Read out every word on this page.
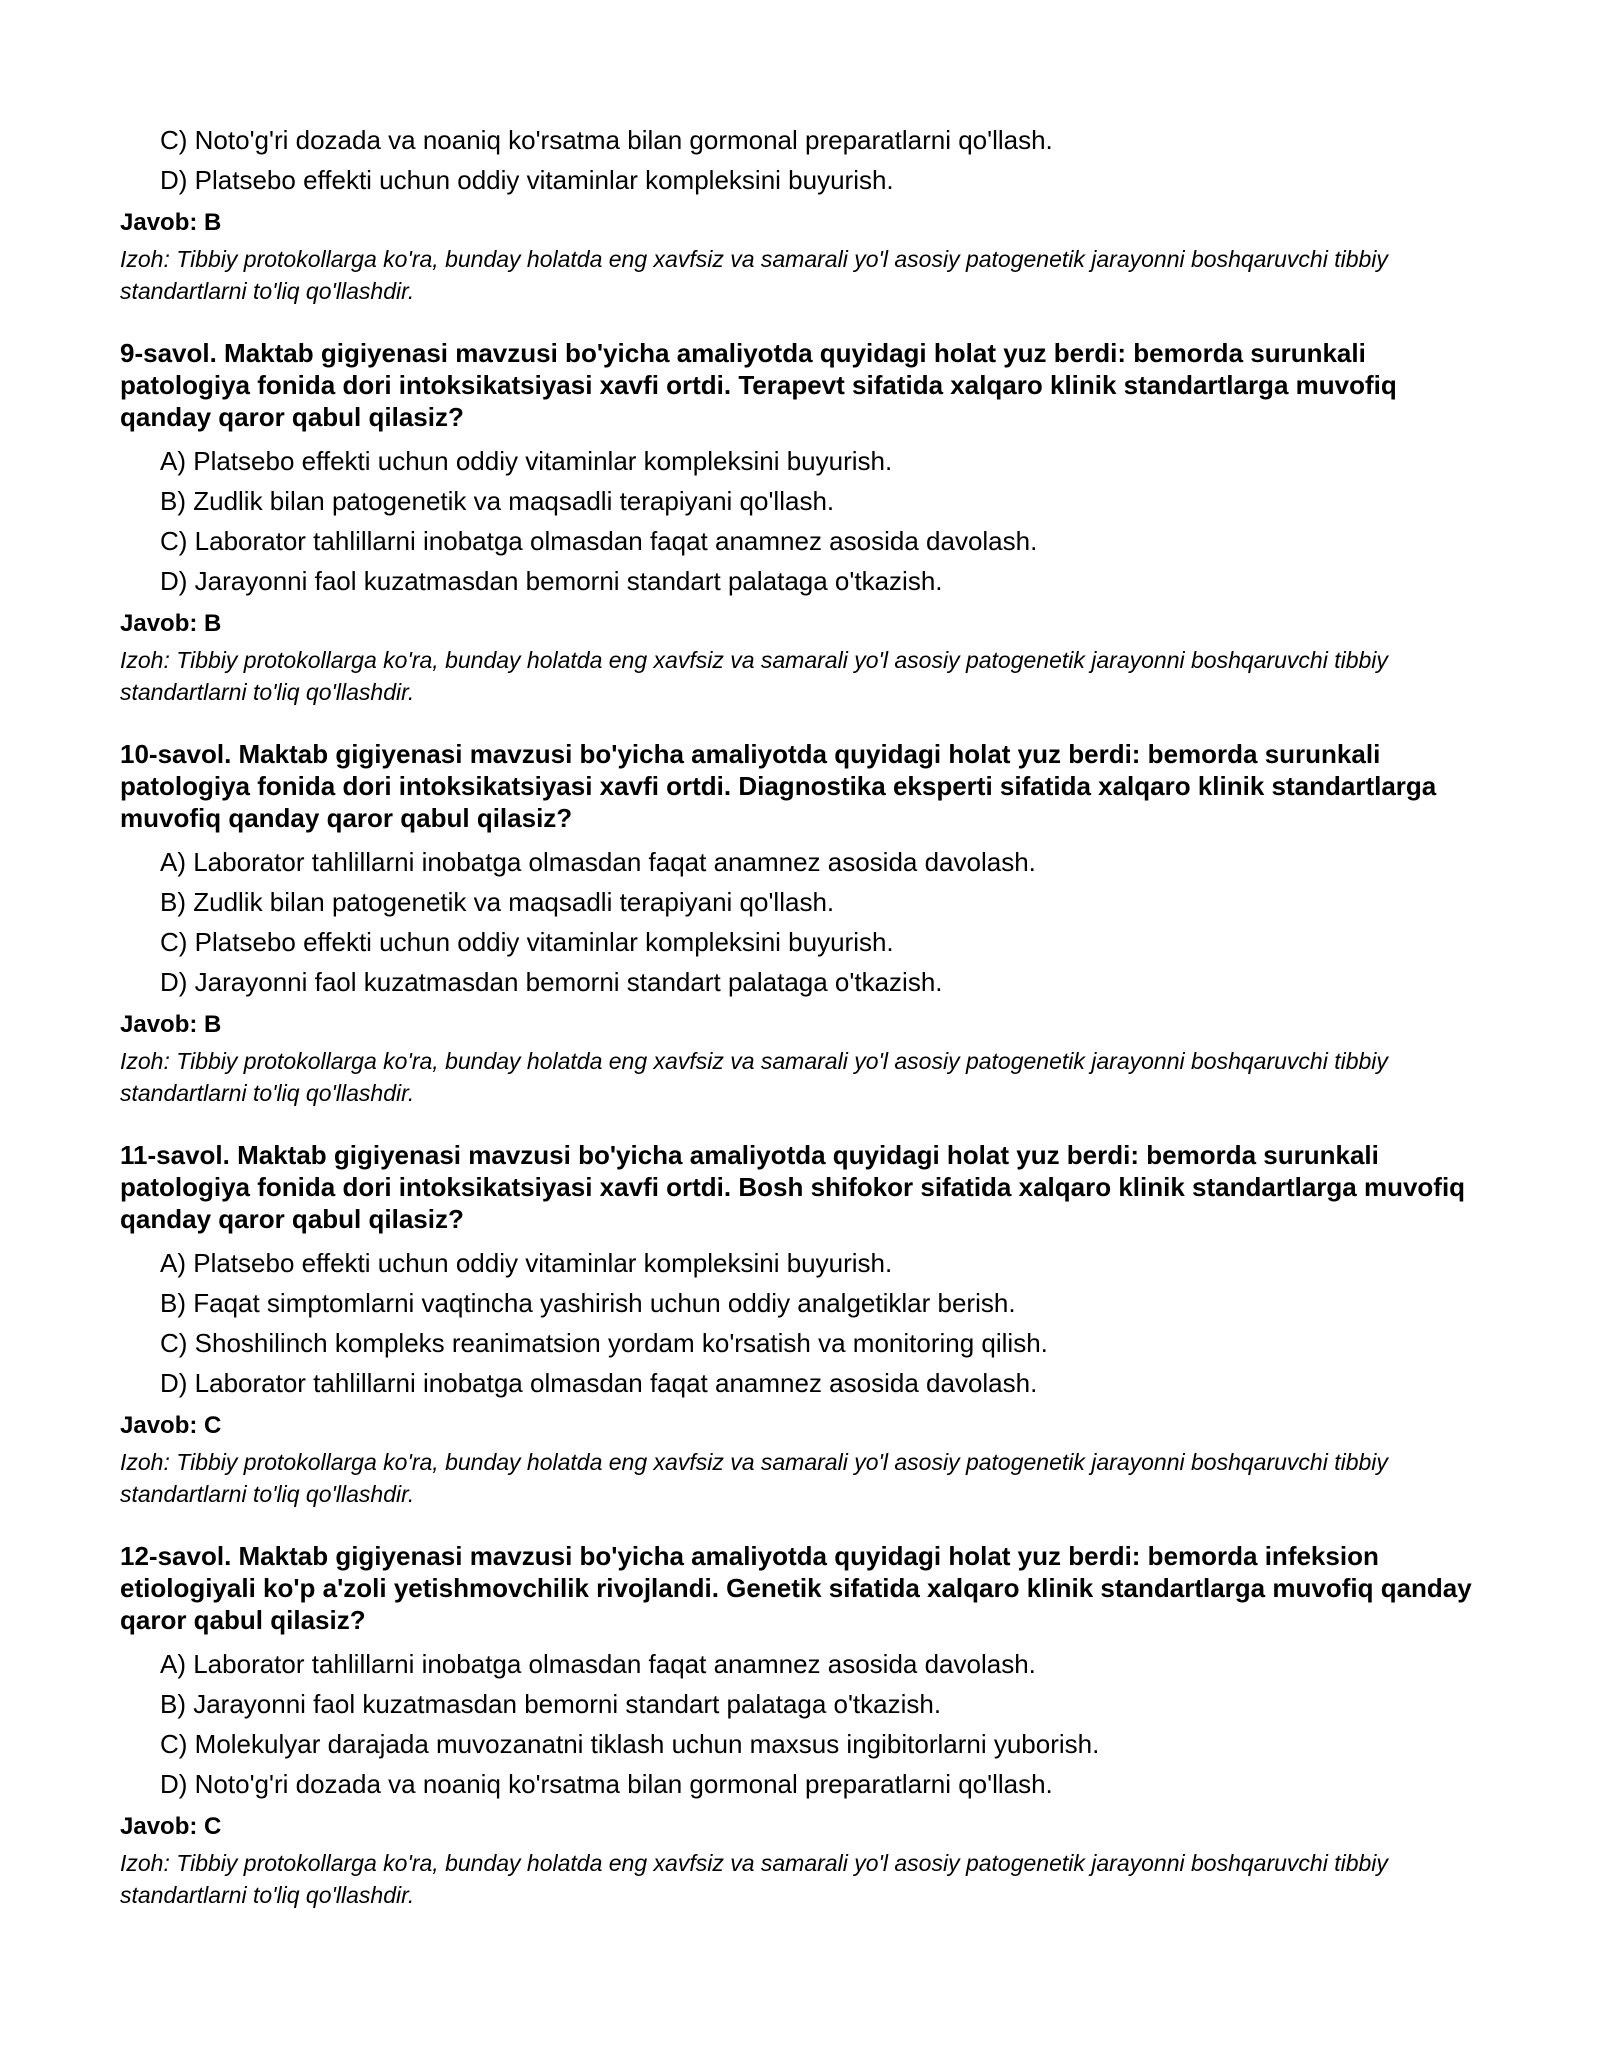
C) Noto'g'ri dozada va noaniq ko'rsatma bilan gormonal preparatlarni qo'llash.
D) Platsebo effekti uchun oddiy vitaminlar kompleksini buyurish.

Javob: B

Izoh: Tibbiy protokollarga ko'ra, bunday holatda eng xavfsiz va samarali yo'l asosiy patogenetik jarayonni boshqaruvchi tibbiy standartlarni to'liq qo'llashdir.

9-savol. Maktab gigiyenasi mavzusi bo'yicha amaliyotda quyidagi holat yuz berdi: bemorda surunkali patologiya fonida dori intoksikatsiyasi xavfi ortdi. Terapevt sifatida xalqaro klinik standartlarga muvofiq qanday qaror qabul qilasiz?

A) Platsebo effekti uchun oddiy vitaminlar kompleksini buyurish.
B) Zudlik bilan patogenetik va maqsadli terapiyani qo'llash.
C) Laborator tahlillarni inobatga olmasdan faqat anamnez asosida davolash.
D) Jarayonni faol kuzatmasdan bemorni standart palataga o'tkazish.

Javob: B

Izoh: Tibbiy protokollarga ko'ra, bunday holatda eng xavfsiz va samarali yo'l asosiy patogenetik jarayonni boshqaruvchi tibbiy standartlarni to'liq qo'llashdir.

10-savol. Maktab gigiyenasi mavzusi bo'yicha amaliyotda quyidagi holat yuz berdi: bemorda surunkali patologiya fonida dori intoksikatsiyasi xavfi ortdi. Diagnostika eksperti sifatida xalqaro klinik standartlarga muvofiq qanday qaror qabul qilasiz?

A) Laborator tahlillarni inobatga olmasdan faqat anamnez asosida davolash.
B) Zudlik bilan patogenetik va maqsadli terapiyani qo'llash.
C) Platsebo effekti uchun oddiy vitaminlar kompleksini buyurish.
D) Jarayonni faol kuzatmasdan bemorni standart palataga o'tkazish.

Javob: B

Izoh: Tibbiy protokollarga ko'ra, bunday holatda eng xavfsiz va samarali yo'l asosiy patogenetik jarayonni boshqaruvchi tibbiy standartlarni to'liq qo'llashdir.

11-savol. Maktab gigiyenasi mavzusi bo'yicha amaliyotda quyidagi holat yuz berdi: bemorda surunkali patologiya fonida dori intoksikatsiyasi xavfi ortdi. Bosh shifokor sifatida xalqaro klinik standartlarga muvofiq qanday qaror qabul qilasiz?

A) Platsebo effekti uchun oddiy vitaminlar kompleksini buyurish.
B) Faqat simptomlarni vaqtincha yashirish uchun oddiy analgetiklar berish.
C) Shoshilinch kompleks reanimatsion yordam ko'rsatish va monitoring qilish.
D) Laborator tahlillarni inobatga olmasdan faqat anamnez asosida davolash.

Javob: C

Izoh: Tibbiy protokollarga ko'ra, bunday holatda eng xavfsiz va samarali yo'l asosiy patogenetik jarayonni boshqaruvchi tibbiy standartlarni to'liq qo'llashdir.

12-savol. Maktab gigiyenasi mavzusi bo'yicha amaliyotda quyidagi holat yuz berdi: bemorda infeksion etiologiyali ko'p a'zoli yetishmovchilik rivojlandi. Genetik sifatida xalqaro klinik standartlarga muvofiq qanday qaror qabul qilasiz?

A) Laborator tahlillarni inobatga olmasdan faqat anamnez asosida davolash.
B) Jarayonni faol kuzatmasdan bemorni standart palataga o'tkazish.
C) Molekulyar darajada muvozanatni tiklash uchun maxsus ingibitorlarni yuborish.
D) Noto'g'ri dozada va noaniq ko'rsatma bilan gormonal preparatlarni qo'llash.

Javob: C

Izoh: Tibbiy protokollarga ko'ra, bunday holatda eng xavfsiz va samarali yo'l asosiy patogenetik jarayonni boshqaruvchi tibbiy standartlarni to'liq qo'llashdir.
